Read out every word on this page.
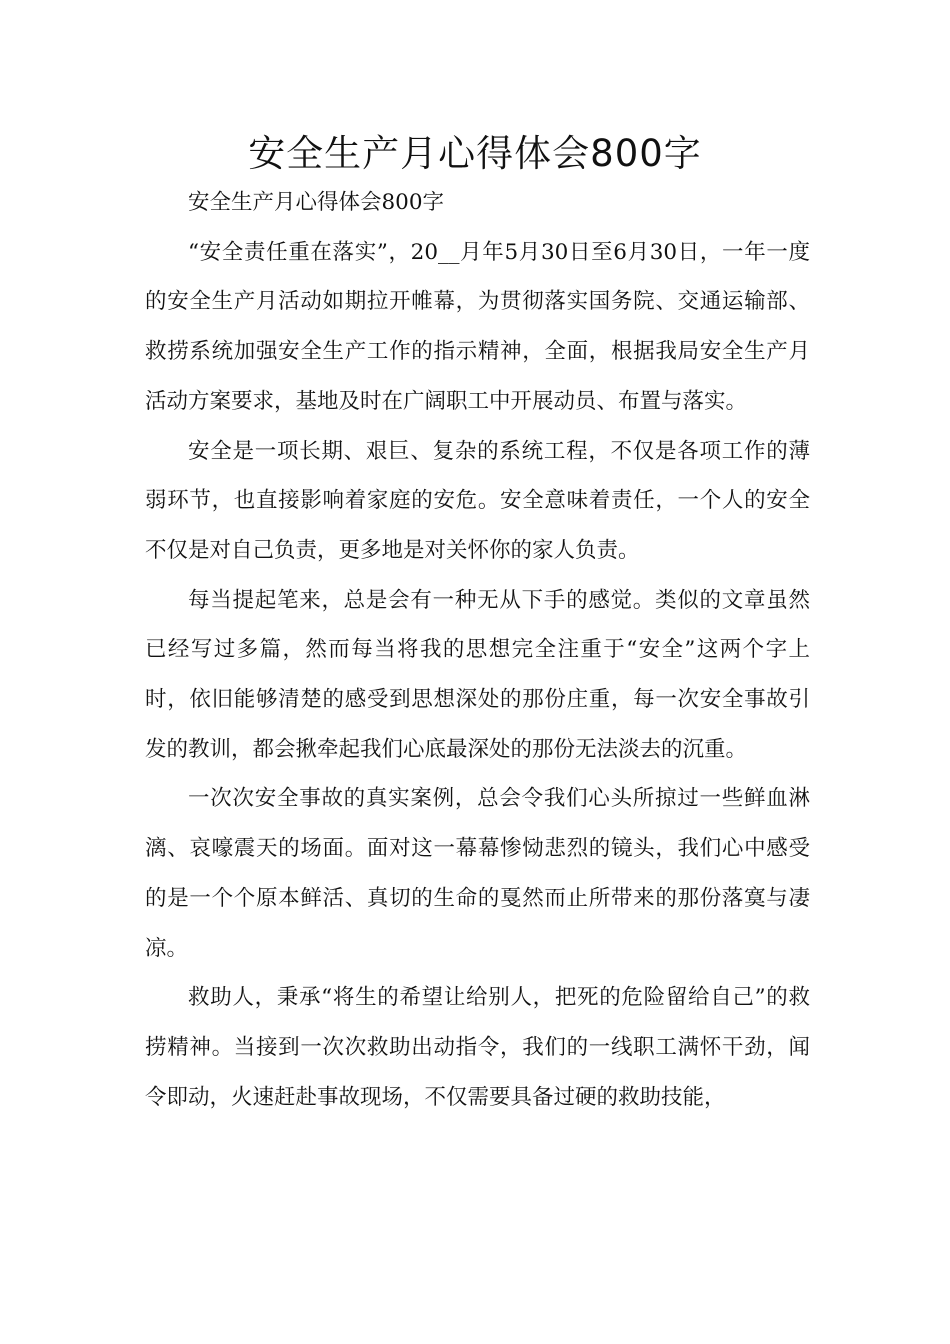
安全生产月心得体会800字

安全生产月心得体会800字

“安全责任重在落实”，20__月年5月30日至6月30日，一年一度的安全生产月活动如期拉开帷幕，为贯彻落实国务院、交通运输部、救捞系统加强安全生产工作的指示精神，全面，根据我局安全生产月活动方案要求，基地及时在广阔职工中开展动员、布置与落实。

安全是一项长期、艰巨、复杂的系统工程，不仅是各项工作的薄弱环节，也直接影响着家庭的安危。安全意味着责任，一个人的安全不仅是对自己负责，更多地是对关怀你的家人负责。

每当提起笔来，总是会有一种无从下手的感觉。类似的文章虽然已经写过多篇，然而每当将我的思想完全注重于“安全”这两个字上时，依旧能够清楚的感受到思想深处的那份庄重，每一次安全事故引发的教训，都会揪牵起我们心底最深处的那份无法淡去的沉重。

一次次安全事故的真实案例，总会令我们心头所掠过一些鲜血淋漓、哀嚎震天的场面。面对这一幕幕惨恸悲烈的镜头，我们心中感受的是一个个原本鲜活、真切的生命的戛然而止所带来的那份落寞与凄凉。

救助人，秉承“将生的希望让给别人，把死的危险留给自己”的救捞精神。当接到一次次救助出动指令，我们的一线职工满怀干劲，闻令即动，火速赶赴事故现场，不仅需要具备过硬的救助技能，
